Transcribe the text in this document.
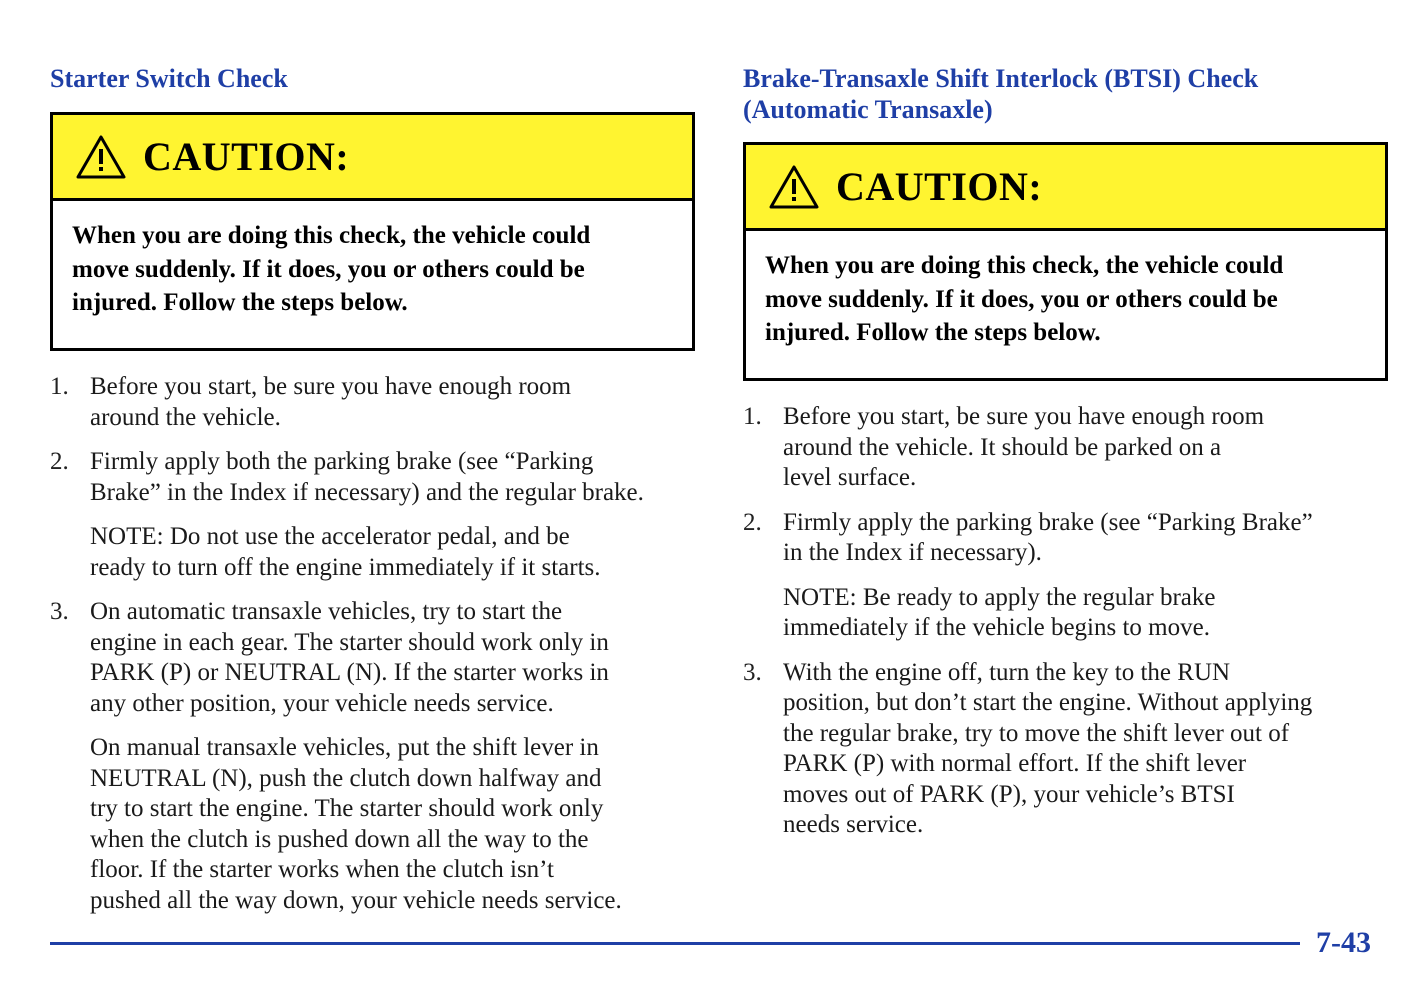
Starter Switch Check
CAUTION:
When you are doing this check, the vehicle could
move suddenly. If it does, you or others could be
injured. Follow the steps below.
1. Before you start, be sure you have enough room
around the vehicle.
2. Firmly apply both the parking brake (see “Parking
Brake” in the Index if necessary) and the regular brake.
NOTE: Do not use the accelerator pedal, and be
ready to turn off the engine immediately if it starts.
3. On automatic transaxle vehicles, try to start the
engine in each gear. The starter should work only in
PARK (P) or NEUTRAL (N). If the starter works in
any other position, your vehicle needs service.
On manual transaxle vehicles, put the shift lever in
NEUTRAL (N), push the clutch down halfway and
try to start the engine. The starter should work only
when the clutch is pushed down all the way to the
floor. If the starter works when the clutch isn’t
pushed all the way down, your vehicle needs service.
Brake-Transaxle Shift Interlock (BTSI) Check
(Automatic Transaxle)
CAUTION:
When you are doing this check, the vehicle could
move suddenly. If it does, you or others could be
injured. Follow the steps below.
1. Before you start, be sure you have enough room
around the vehicle. It should be parked on a
level surface.
2. Firmly apply the parking brake (see “Parking Brake”
in the Index if necessary).
NOTE: Be ready to apply the regular brake
immediately if the vehicle begins to move.
3. With the engine off, turn the key to the RUN
position, but don’t start the engine. Without applying
the regular brake, try to move the shift lever out of
PARK (P) with normal effort. If the shift lever
moves out of PARK (P), your vehicle’s BTSI
needs service.
7-43
